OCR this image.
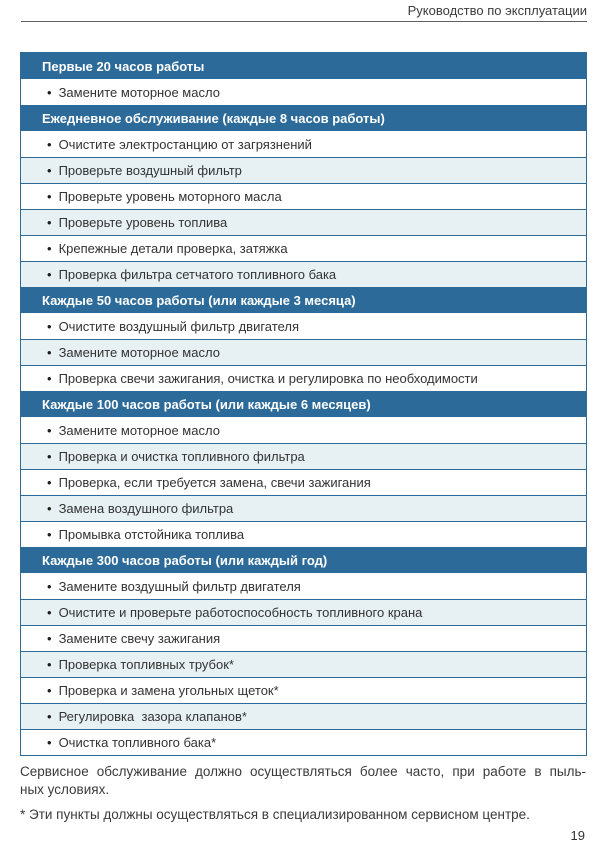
Руководство по эксплуатации
Первые 20 часов работы
• Замените моторное масло
Ежедневное обслуживание (каждые 8 часов работы)
• Очистите электростанцию от загрязнений
• Проверьте воздушный фильтр
• Проверьте уровень моторного масла
• Проверьте уровень топлива
• Крепежные детали проверка, затяжка
• Проверка фильтра сетчатого топливного бака
Каждые 50 часов работы (или каждые 3 месяца)
• Очистите воздушный фильтр двигателя
• Замените моторное масло
• Проверка свечи зажигания, очистка и регулировка по необходимости
Каждые 100 часов работы (или каждые 6 месяцев)
• Замените моторное масло
• Проверка и очистка топливного фильтра
• Проверка, если требуется замена, свечи зажигания
• Замена воздушного фильтра
• Промывка отстойника топлива
Каждые 300 часов работы (или каждый год)
• Замените воздушный фильтр двигателя
• Очистите и проверьте работоспособность топливного крана
• Замените свечу зажигания
• Проверка топливных трубок*
• Проверка и замена угольных щеток*
• Регулировка  зазора клапанов*
• Очистка топливного бака*

Сервисное обслуживание должно осуществляться более часто, при работе в пыль-

ных условиях.

* Эти пункты должны осуществляться в специализированном сервисном центре.

19
